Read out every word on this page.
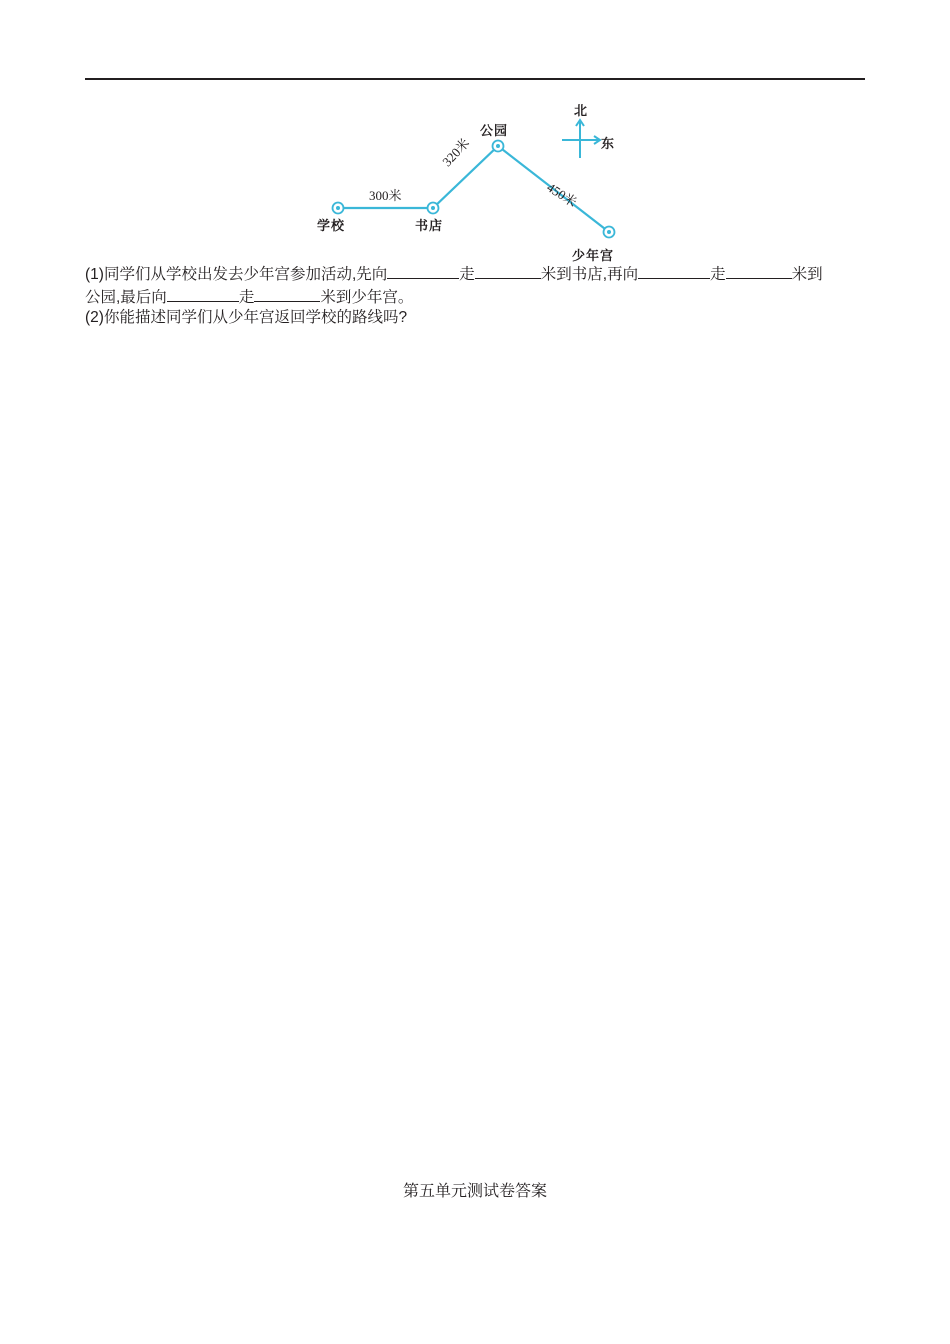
学校	书店
公园
少年宫
300米
320米
450米
北
东
(1)同学们从学校出发去少年宫参加活动,先向	走	米到书店,再向	走	米到
公园,最后向	走	米到少年宫。
(2)你能描述同学们从少年宫返回学校的路线吗?
第五单元测试卷答案
